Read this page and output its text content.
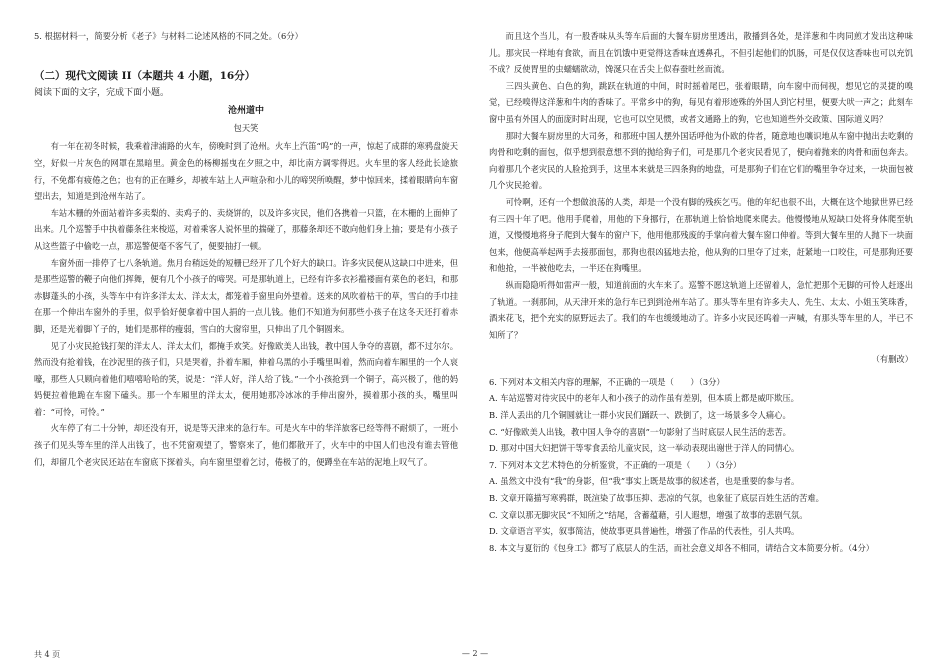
5. 根据材料一，简要分析《老子》与材料二论述风格的不同之处。（6分）

（二）现代文阅读 II（本题共 4 小题，16分）

阅读下面的文字，完成下面小题。

沧州道中

包天笑

有一年在初冬时候，我乘着津浦路的火车，傍晚时到了沧州。火车上汽笛“呜”的一声，惊起了成群的寒鸦盘旋天空，好似一片灰色的网罩在黑暗里。黄金色的杨柳摇曳在夕照之中，却比南方调零得迟。火车里的客人经此长途旅行，不免都有疲倦之色；也有的正在睡乡，却被车站上人声喧杂和小儿的啼哭所唤醒，梦中惊回来，揉着眼睛向车窗望出去，知道是到沧州车站了。

车站木栅的外面站着许多卖梨的、卖鸡子的、卖烧饼的，以及许多灾民，他们各携着一只篮，在木栅的上面伸了出来。几个巡警手中执着藤条往来梭巡，对着乘客人说怀里的揣碰了，那藤条却还不敢向他们身上抽；要是有小孩子从这些篮子中偷吃一点，那巡警便毫不客气了，便要抽打一顿。

车窗外面一排停了七八条轨道。焦月台稍远处的短栅已经开了几个好大的缺口。许多灾民便从这缺口中进来，但是那些巡警的鞭子向他们挥舞，便有几个小孩子的啼哭。可是那轨道上，已经有许多衣衫褴褛面有菜色的老妇，和那赤脚蓬头的小孩，头等车中有许多洋太太、洋太太，都笼着手窗里向外望着。送来的风吹着枯干的草，雪白的手巾挂在那一个伸出车窗外的手里，似乎恰好便拿着中国人捐的一点儿钱。他们不知道为何那些小孩子在这冬天还打着赤脚，还是光着脚丫子的，她们是那样的瘦弱，雪白的大窗帘里，只伸出了几个铜圆来。

见了小灾民抢钱打架的洋太人、洋太太们，都掩手欢笑。好像欧美人出钱，教中国人争夺的喜剧，都不过尔尔。然而没有抢着钱，在沙泥里的孩子们，只是哭着，扑着车厢，伸着乌黑的小手嘴里叫着，然而向着车厢里的一个人哀嚎，那些人只顾向着他们嘻嘻哈哈的笑，说是：“洋人好，洋人给了钱。”一个小孩抢到一个铜子，高兴极了，他的妈妈便拉着他跪在车窗下磕头。那一个车厢里的洋太太，便用她那冷冰冰的手伸出窗外，摸着那小孩的头，嘴里叫着：“可怜，可怜。”

火车停了有二十分钟，却还没有开，说是等天津来的急行车。可是火车中的华洋旅客已经等得不耐烦了，一班小孩子们见头等车里的洋人出钱了，也不凭窗观望了，警察来了，他们都散开了，火车中的中国人们也没有谁去管他们，却留几个老灾民还站在车窗底下探着头，向车窗里望着乞讨，倦极了的，便蹲坐在车站的泥地上叹气了。

而且这个当儿，有一股香味从头等车后面的大餐车厨房里透出，散播到各处，是洋葱和牛肉同煎才发出这种味儿。那灾民一样地有食欲，而且在饥饿中更觉得这香味直透鼻孔，不但引起他们的饥肠，可是仅仅这香味也可以充饥不成？反使胃里的虫蠕蠕欲动，馋涎只在舌尖上似春蚕吐丝而流。

三四头黄色、白色的狗，跳跃在轨道的中间，时时摇着尾巴，张着眼睛，向车窗中而伺视，想见它的灵捷的嗅觉，已经嗅得这洋葱和牛肉的香味了。平常乡中的狗，每见有着形迹殊的外国人到它村里，便要大吠一声之；此刻车窗中虽有外国人的面庞时时出现，它也可以空见惯，或者文通路上的狗，它也知道些外交政策、国际道义吗？

那时大餐车厨房里的大司务，和那班中国人摆外国话呼他为仆欧的侍者，随意地也嚷识地从车窗中抛出去吃剩的肉骨和吃剩的面包，似乎想到很意想不到的抛给狗子们，可是那几个老灾民看见了，便向着抛来的肉骨和面包奔去。向着那几个老灾民的人脸抢到手，这里本来就是三四条狗的地盘，可是那狗子们在它们的嘴里争夺过来，一块面包被几个灾民抢着。

可怜啊，还有一个想做浪荡的人类，却是一个没有脚的残疾乞丐。他的年纪也很不出，大概在这个地狱世界已经有三四十年了吧。他用手爬着，用他的下身挪行，在那轨道上恰恰地爬来爬去。他慢慢地从短缺口处将身体爬至轨道，又慢慢地将身子爬到大餐车的窗户下，他用他那残废的手掌向着大餐车窗口伸着。等到大餐车里的人抛下一块面包来，他便高举起两手去接那面包，那狗也很凶猛地去抢，他从狗的口里夺了过来，赶紧地一口咬住，可是那狗还要和他抢，一半被他吃去，一半还在狗嘴里。

纵而隐隐听得如雷声一般，知道前面的火车来了。巡警不愿这轨道上还留着人，急忙把那个无脚的可怜人赶逐出了轨道。一刹那间，从天津开来的急行车已到到沧州车站了。那头等车里有许多夫人、先生、太太、小姐玉笑珠香，酒来花飞，把个充实的原野远去了。我们的车也缓缓地动了。许多小灾民还呜着一声喊，有那头等车里的人，半已不知所了？

（有删改）

6. 下列对本文相关内容的理解，不正确的一项是（　　）（3分）

A. 车站巡警对待灾民中的老年人和小孩子的动作虽有差别，但本质上都是威吓欺压。

B. 洋人丢出的几个铜圆就让一群小灾民们踊跃一、跌倒了，这一场景多令人痛心。

C. “好像欧美人出钱，教中国人争夺的喜剧”一句影射了当时底层人民生活的悲苦。

D. 那对中国大妇把饼干等零食丢给儿童灾民，这一举动表现出谢世于洋人的同情心。

7. 下列对本文艺术特色的分析鉴赏，不正确的一项是（　　）（3分）

A. 虽然文中没有“我”的身影，但“我”事实上既是故事的叙述者，也是重要的参与者。

B. 文章开篇描写寒鸦群，既渲染了故事压抑、悲凉的气氛，也象征了底层百姓生活的苦难。

C. 文章以那无脚灾民“不知所之”结尾，含蓄蕴藉，引人遐想，增强了故事的悲剧气氛。

D. 文章语言平实，叙事简洁，使故事更具普遍性，增强了作品的代表性，引人共鸣。

8. 本文与夏衍的《包身工》都写了底层人的生活，而社会意义却各不相同，请结合文本简要分析。（4分）

共 4 页	— 2 —
